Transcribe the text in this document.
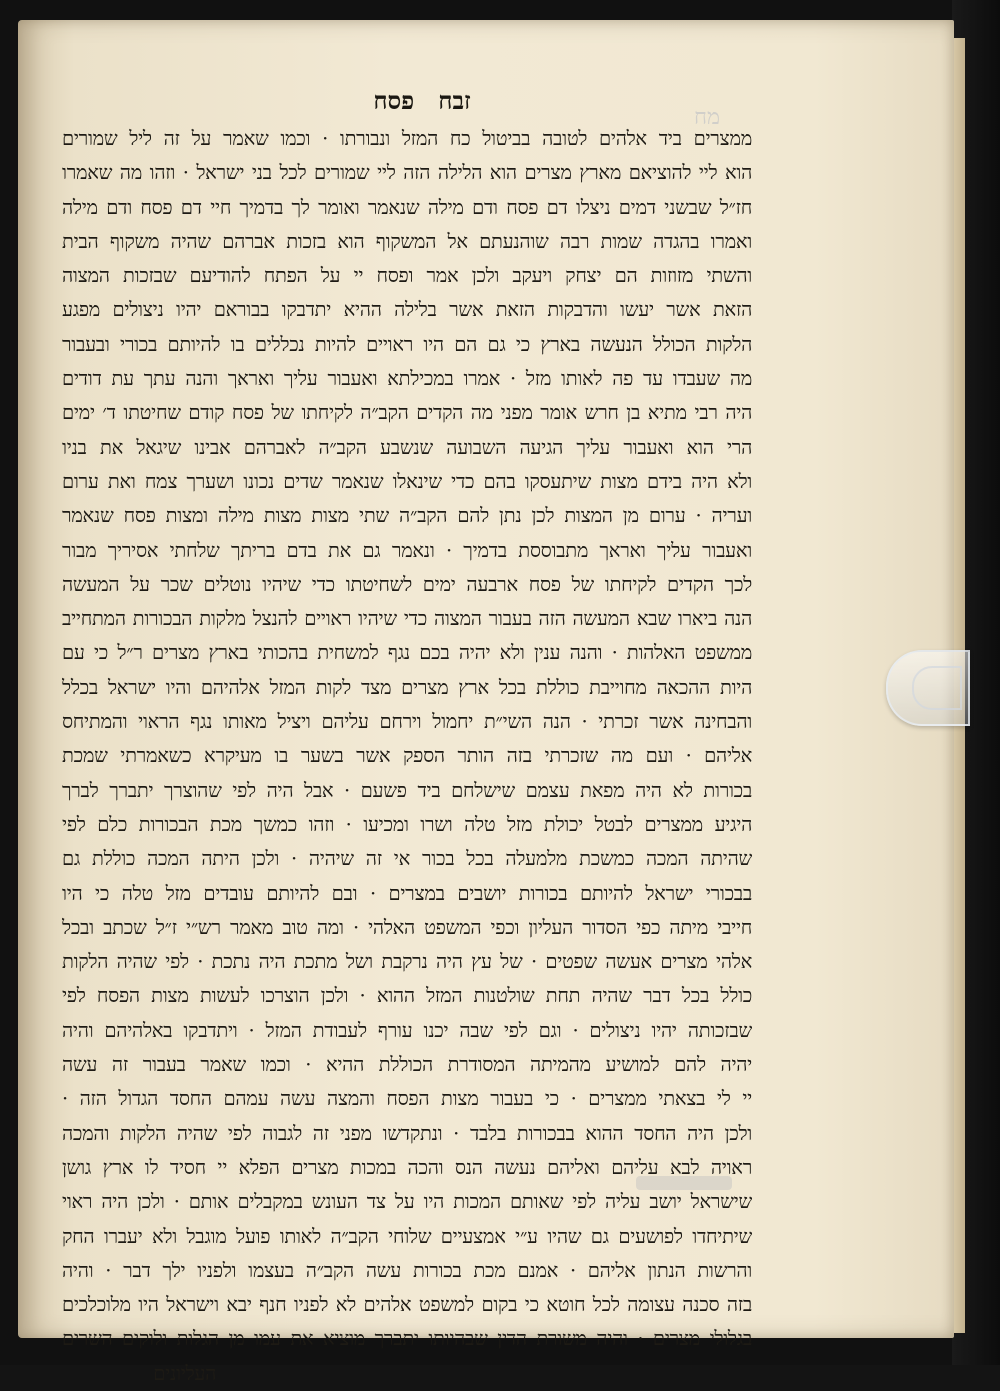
מח
זבח
פסח
ממצרים ביד אלהים לטובה בביטול כח המזל ונבורתו · וכמו שאמר על זה ליל שמורים
הוא ליי להוציאם מארץ מצרים הוא הלילה הזה ליי שמורים לכל בני ישראל · וזהו מה שאמרו
חז״ל שבשני דמים ניצלו דם פסח ודם מילה שנאמר ואומר לך בדמיך חיי דם פסח ודם מילה
ואמרו בהגדה שמות רבה שוהנעתם אל המשקוף הוא בזכות אברהם שהיה משקוף הבית
והשתי מזוזות הם יצחק ויעקב ולכן אמר ופסח יי על הפתח להודיעם שבזכות המצוה
הזאת אשר יעשו והדבקות הזאת אשר בלילה ההיא יתדבקו בבוראם יהיו ניצולים מפגע
הלקות הכולל הנעשה בארץ כי גם הם היו ראויים להיות נכללים בו להיותם בכורי ובעבור
מה שעבדו עד פה לאותו מזל · אמרו במכילתא ואעבור עליך ואראך והנה עתך עת דודים
היה רבי מתיא בן חרש אומר מפני מה הקדים הקב״ה לקיחתו של פסח קודם שחיטתו ד׳ ימים
הרי הוא ואעבור עליך הגיעה השבועה שנשבע הקב״ה לאברהם אבינו שיגאל את בניו
ולא היה בידם מצות שיתעסקו בהם כדי שינאלו שנאמר שדים נכונו ושערך צמח ואת ערום
ועריה · ערום מן המצות לכן נתן להם הקב״ה שתי מצות מצות מילה ומצות פסח שנאמר
ואעבור עליך ואראך מתבוססת בדמיך · ונאמר גם את בדם בריתך שלחתי אסיריך מבור
לכך הקדים לקיחתו של פסח ארבעה ימים לשחיטתו כדי שיהיו נוטלים שכר על המעשה
הנה ביארו שבא המעשה הזה בעבור המצוה כדי שיהיו ראויים להנצל מלקות הבכורות המתחייב
ממשפט האלהות · והנה ענין ולא יהיה בכם נגף למשחית בהכותי בארץ מצרים ר״ל כי עם
היות ההכאה מחוייבת כוללת בכל ארץ מצרים מצד לקות המזל אלהיהם והיו ישראל בכלל
והבחינה אשר זכרתי · הנה השי״ת יחמול וירחם עליהם ויציל מאותו נגף הראוי והמתיחס
אליהם · ועם מה שזכרתי בזה הותר הספק אשר בשער בו מעיקרא כשאמרתי שמכת
בכורות לא היה מפאת עצמם שישלחם ביד פשעם · אבל היה לפי שהוצרך יתברך לברך
היגיע ממצרים לבטל יכולת מזל טלה ושרו ומכיעו · וזהו כמשך מכת הבכורות כלם לפי
שהיתה המכה כמשכת מלמעלה בכל בכור אי זה שיהיה · ולכן היתה המכה כוללת גם
בבכורי ישראל להיותם בכורות יושבים במצרים · ובם להיותם עובדים מזל טלה כי היו
חייבי מיתה כפי הסדור העליון וכפי המשפט האלהי · ומה טוב מאמר רש״י ז״ל שכתב ובכל
אלהי מצרים אעשה שפטים · של עץ היה נרקבת ושל מתכת היה נתכת · לפי שהיה הלקות
כולל בכל דבר שהיה תחת שולטנות המזל ההוא · ולכן הוצרכו לעשות מצות הפסח לפי
שבזכותה יהיו ניצולים · וגם לפי שבה יכנו עורף לעבודת המזל · ויתדבקו באלהיהם והיה
יהיה להם למושיע מהמיתה המסודרת הכוללת ההיא · וכמו שאמר בעבור זה עשה
יי לי בצאתי ממצרים · כי בעבור מצות הפסח והמצה עשה עמהם החסד הגדול הזה ·
ולכן היה החסד ההוא בבכורות בלבד · ונתקדשו מפני זה לגבוה לפי שהיה הלקות והמכה
ראויה לבא עליהם ואליהם נעשה הנס והכה במכות מצרים הפלא יי חסיד לו ארץ גושן
שישראל יושב עליה לפי שאותם המכות היו על צד העונש במקבלים אותם · ולכן היה ראוי
שיתיחדו לפושעים גם שהיו ע״י אמצעיים שלוחי הקב״ה לאותו פועל מוגבל ולא יעברו החק
והרשות הנתון אליהם · אמנם מכת בכורות עשה הקב״ה בעצמו ולפניו ילך דבר · והיה
בזה סכנה עצומה לכל חוטא כי בקום למשפט אלהים לא לפניו חנף יבא וישראל היו מלוכלכים
בגלולי מצרים · והיה משורת הדין שבהיותו יתברך מוציא את עמו מן הגלות ולוקים השרים
העליונים
